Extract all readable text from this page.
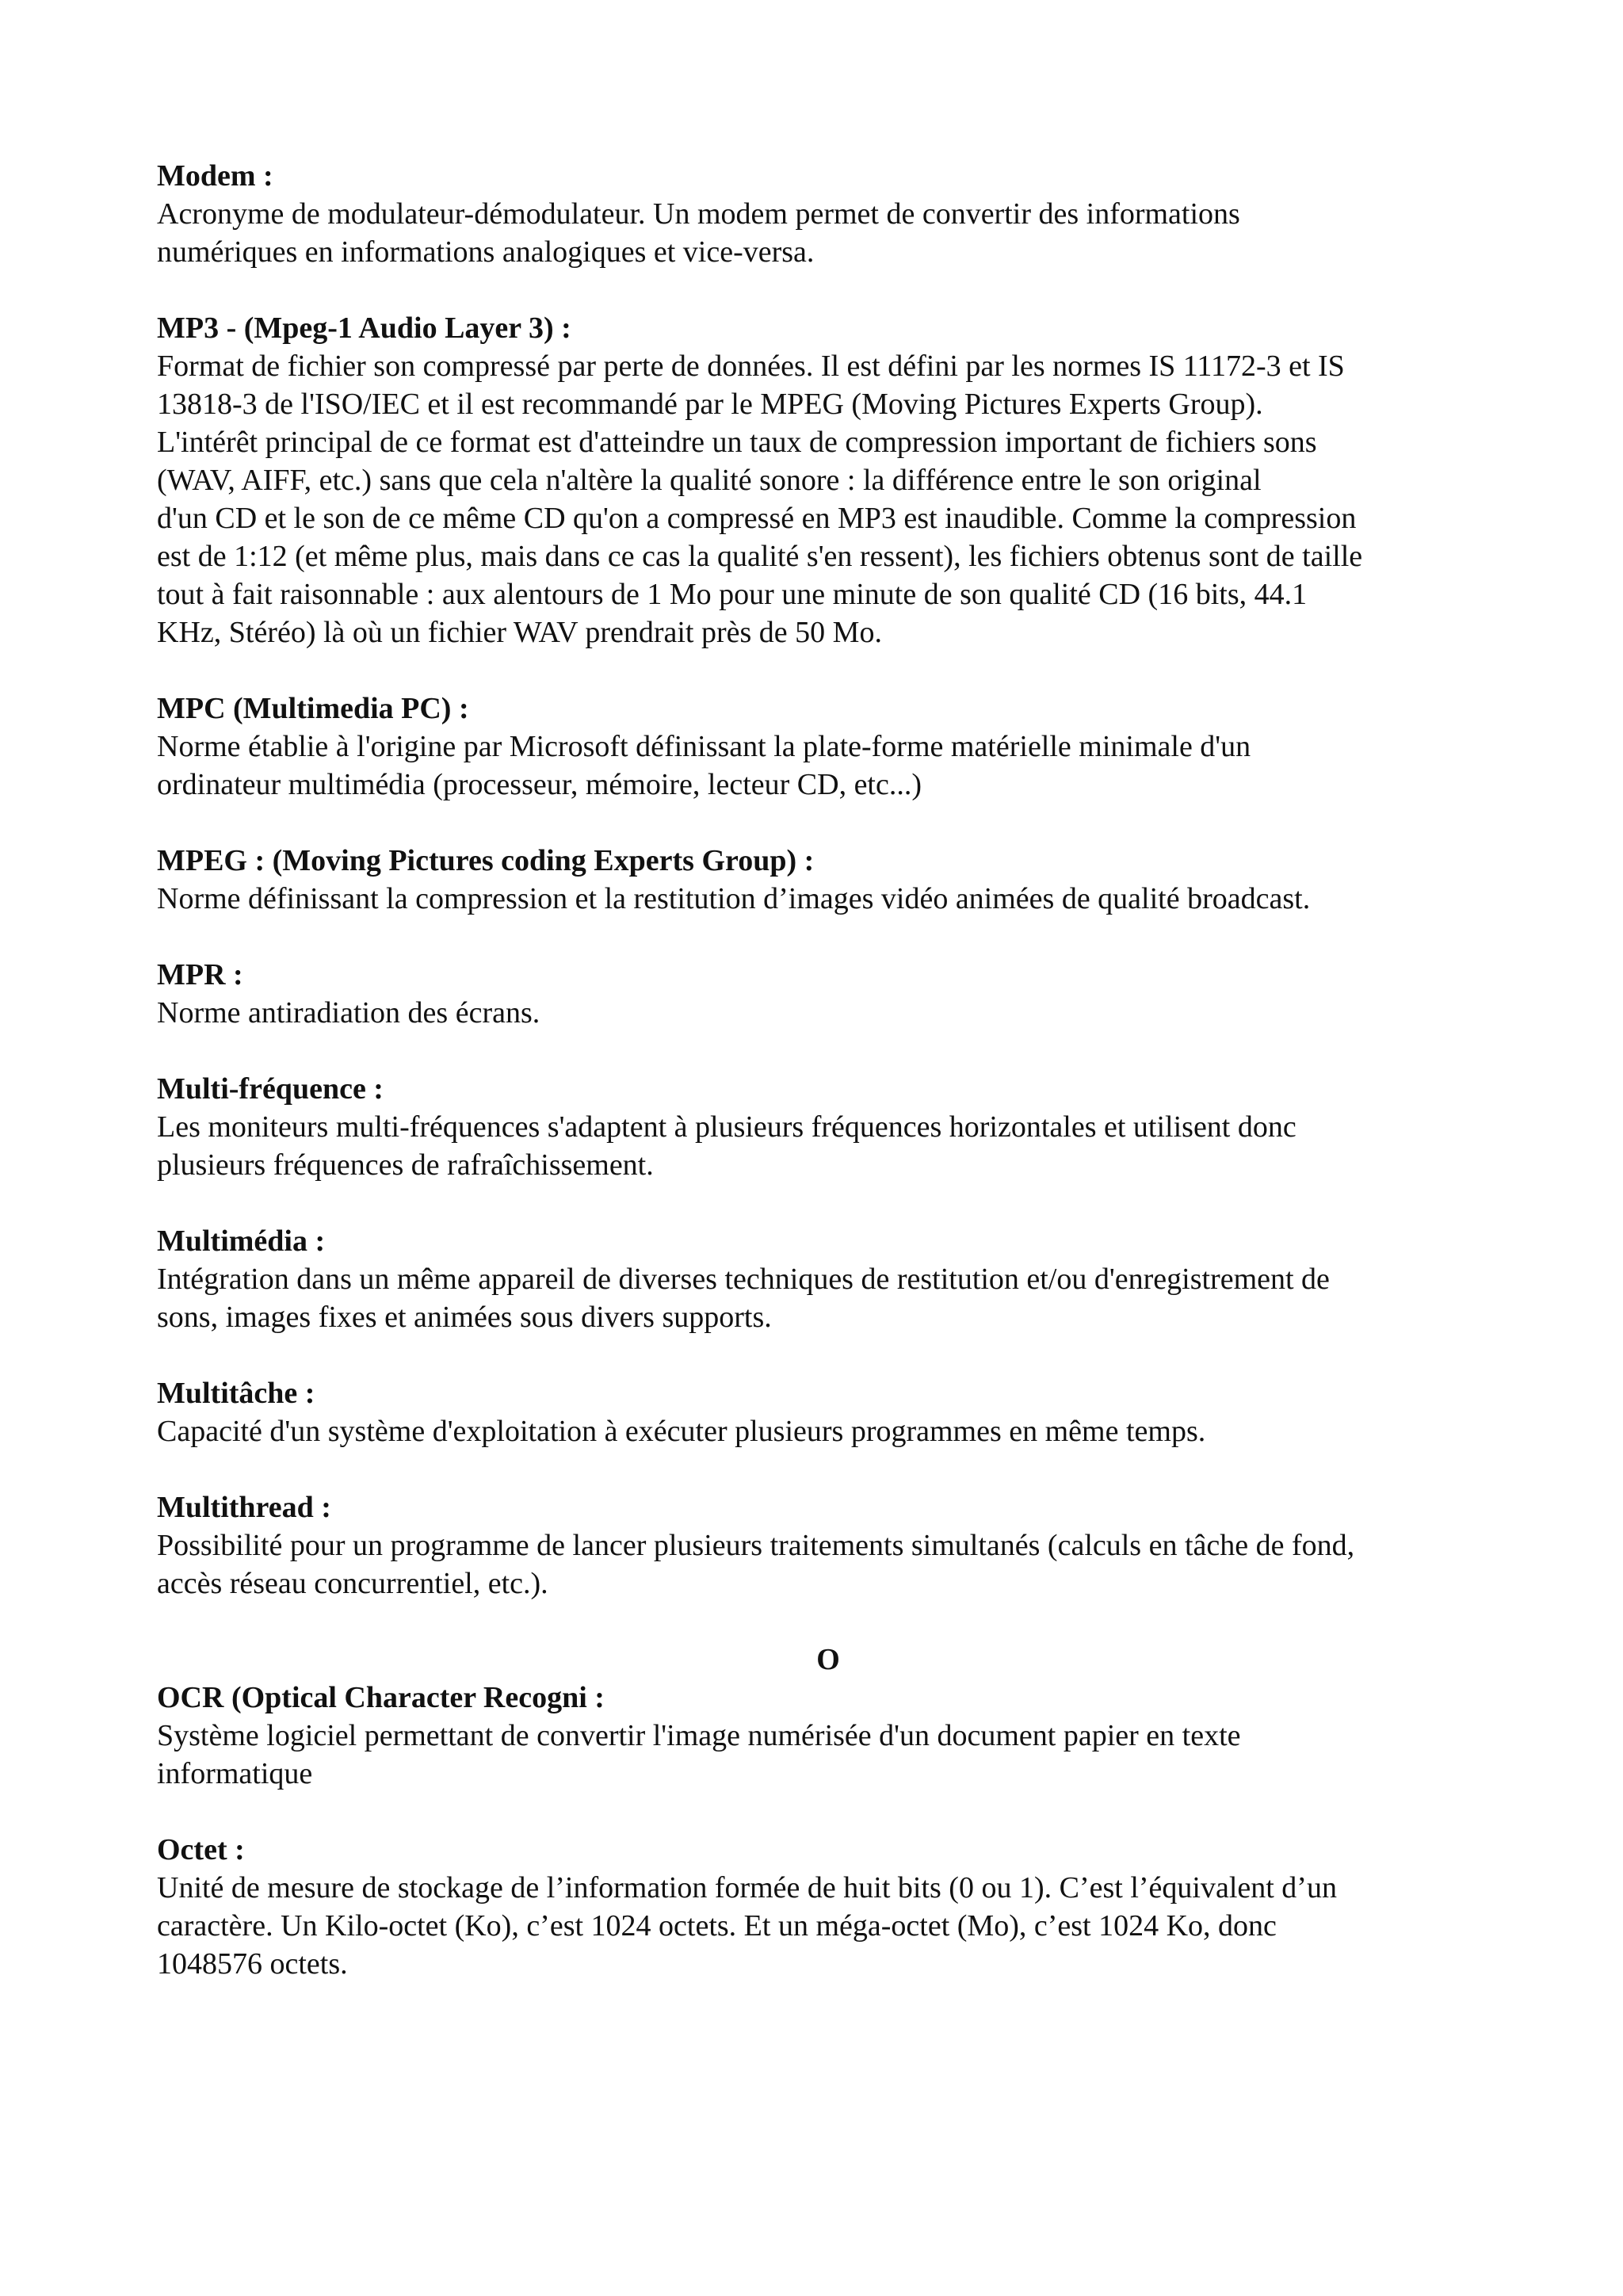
Modem :
Acronyme de modulateur-démodulateur. Un modem permet de convertir des informations
numériques en informations analogiques et vice-versa.
MP3 - (Mpeg-1 Audio Layer 3) :
Format de fichier son compressé par perte de données. Il est défini par les normes IS 11172-3 et IS
13818-3 de l'ISO/IEC et il est recommandé par le MPEG (Moving Pictures Experts Group).
L'intérêt principal de ce format est d'atteindre un taux de compression important de fichiers sons
(WAV, AIFF, etc.) sans que cela n'altère la qualité sonore : la différence entre le son original
d'un CD et le son de ce même CD qu'on a compressé en MP3 est inaudible. Comme la compression
est de 1:12 (et même plus, mais dans ce cas la qualité s'en ressent), les fichiers obtenus sont de taille
tout à fait raisonnable : aux alentours de 1 Mo pour une minute de son qualité CD (16 bits, 44.1
KHz, Stéréo) là où un fichier WAV prendrait près de 50 Mo.
MPC (Multimedia PC) :
Norme établie à l'origine par Microsoft définissant la plate-forme matérielle minimale d'un
ordinateur multimédia (processeur, mémoire, lecteur CD, etc...)
MPEG : (Moving Pictures coding Experts Group) :
Norme définissant la compression et la restitution d’images vidéo animées de qualité broadcast.
MPR :
Norme antiradiation des écrans.
Multi-fréquence :
Les moniteurs multi-fréquences s'adaptent à plusieurs fréquences horizontales et utilisent donc
plusieurs fréquences de rafraîchissement.
Multimédia :
Intégration dans un même appareil de diverses techniques de restitution et/ou d'enregistrement de
sons, images fixes et animées sous divers supports.
Multitâche :
Capacité d'un système d'exploitation à exécuter plusieurs programmes en même temps.
Multithread :
Possibilité pour un programme de lancer plusieurs traitements simultanés (calculs en tâche de fond,
accès réseau concurrentiel, etc.).
O
OCR (Optical Character Recogni :
Système logiciel permettant de convertir l'image numérisée d'un document papier en texte
informatique
Octet :
Unité de mesure de stockage de l’information formée de huit bits (0 ou 1). C’est l’équivalent d’un
caractère. Un Kilo-octet (Ko), c’est 1024 octets. Et un méga-octet (Mo), c’est 1024 Ko, donc
1048576 octets.
